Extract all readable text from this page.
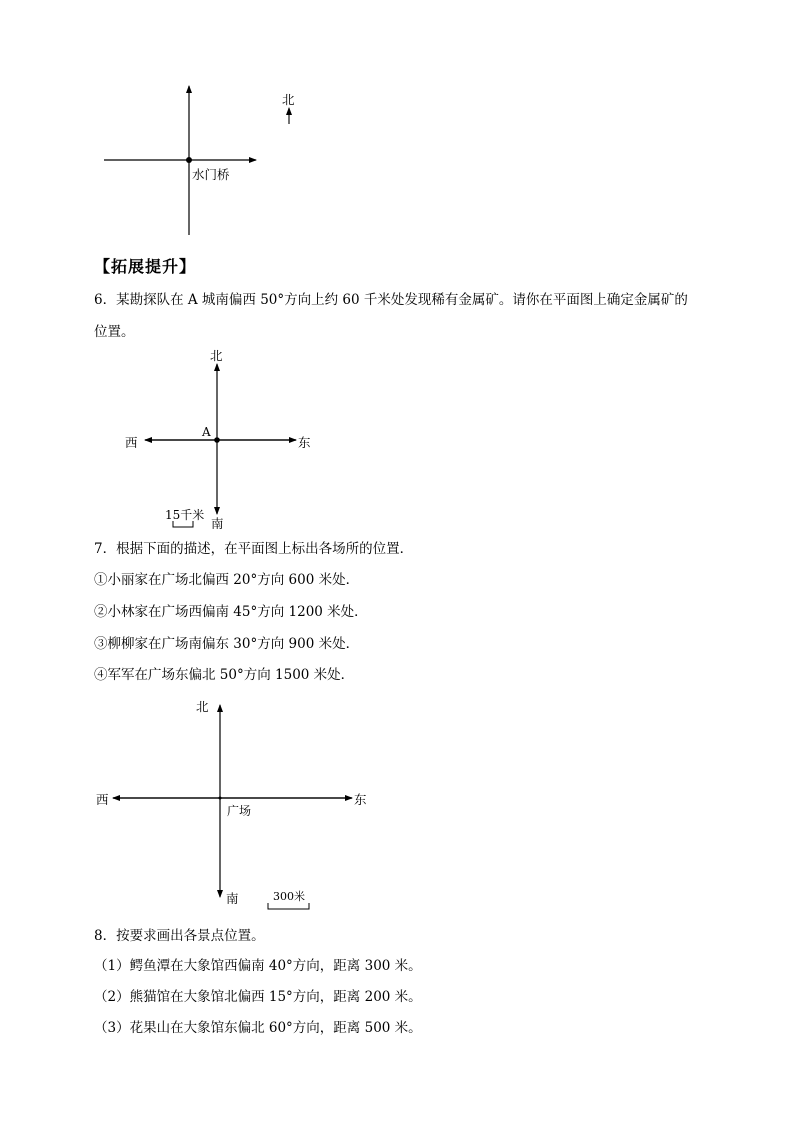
北
水门桥
【拓展提升】
6．某勘探队在 A 城南偏西 50°方向上约 60 千米处发现稀有金属矿。请你在平面图上确定金属矿的
位置。
北
西	东
南
A
15千米
7．根据下面的描述，在平面图上标出各场所的位置．
①小丽家在广场北偏西 20°方向 600 米处．
②小林家在广场西偏南 45°方向 1200 米处．
③柳柳家在广场南偏东 30°方向 900 米处．
④军军在广场东偏北 50°方向 1500 米处．
北
西	东
南
广场
300米
8．按要求画出各景点位置。
（1）鳄鱼潭在大象馆西偏南 40°方向，距离 300 米。
（2）熊猫馆在大象馆北偏西 15°方向，距离 200 米。
（3）花果山在大象馆东偏北 60°方向，距离 500 米。
